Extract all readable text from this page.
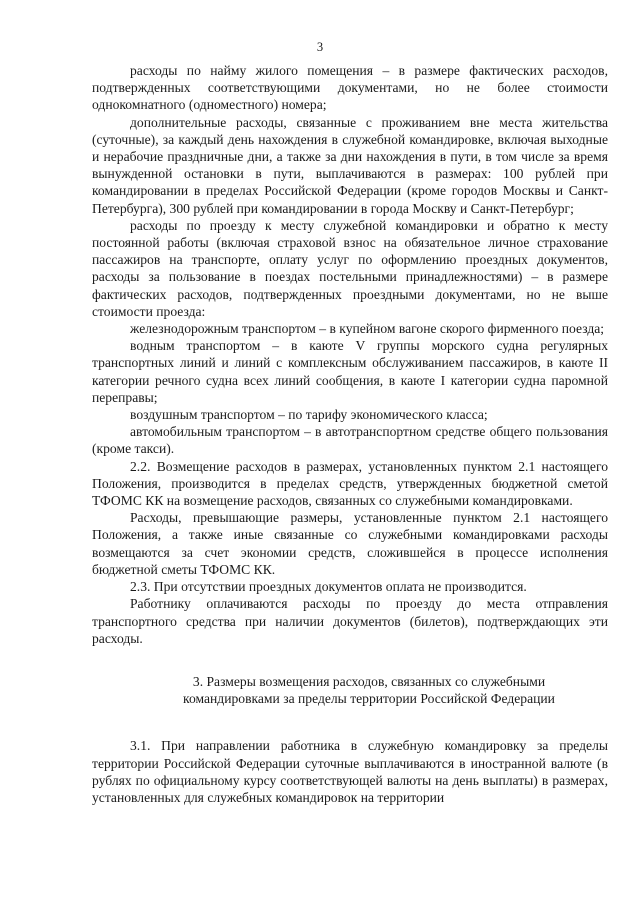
3

расходы по найму жилого помещения – в размере фактических расходов, подтвержденных соответствующими документами, но не более стоимости однокомнатного (одноместного) номера;

дополнительные расходы, связанные с проживанием вне места жительства (суточные), за каждый день нахождения в служебной командировке, включая выходные и нерабочие праздничные дни, а также за дни нахождения в пути, в том числе за время вынужденной остановки в пути, выплачиваются в размерах: 100 рублей при командировании в пределах Российской Федерации (кроме городов Москвы и Санкт-Петербурга), 300 рублей при командировании в города Москву и Санкт-Петербург;

расходы по проезду к месту служебной командировки и обратно к месту постоянной работы (включая страховой взнос на обязательное личное страхование пассажиров на транспорте, оплату услуг по оформлению проездных документов, расходы за пользование в поездах постельными принадлежностями) – в размере фактических расходов, подтвержденных проездными документами, но не выше стоимости проезда:

железнодорожным транспортом – в купейном вагоне скорого фирменного поезда;

водным транспортом – в каюте V группы морского судна регулярных транспортных линий и линий с комплексным обслуживанием пассажиров, в каюте II категории речного судна всех линий сообщения, в каюте I категории судна паромной переправы;

воздушным транспортом – по тарифу экономического класса;

автомобильным транспортом – в автотранспортном средстве общего пользования (кроме такси).

2.2. Возмещение расходов в размерах, установленных пунктом 2.1 настоящего Положения, производится в пределах средств, утвержденных бюджетной сметой ТФОМС КК на возмещение расходов, связанных со служебными командировками.

Расходы, превышающие размеры, установленные пунктом 2.1 настоящего Положения, а также иные связанные со служебными командировками расходы возмещаются за счет экономии средств, сложившейся в процессе исполнения бюджетной сметы ТФОМС КК.

2.3. При отсутствии проездных документов оплата не производится.

Работнику оплачиваются расходы по проезду до места отправления транспортного средства при наличии документов (билетов), подтверждающих эти расходы.

3. Размеры возмещения расходов, связанных со служебными
командировками за пределы территории Российской Федерации

3.1. При направлении работника в служебную командировку за пределы территории Российской Федерации суточные выплачиваются в иностранной валюте (в рублях по официальному курсу соответствующей валюты на день выплаты) в размерах, установленных для служебных командировок на территории
